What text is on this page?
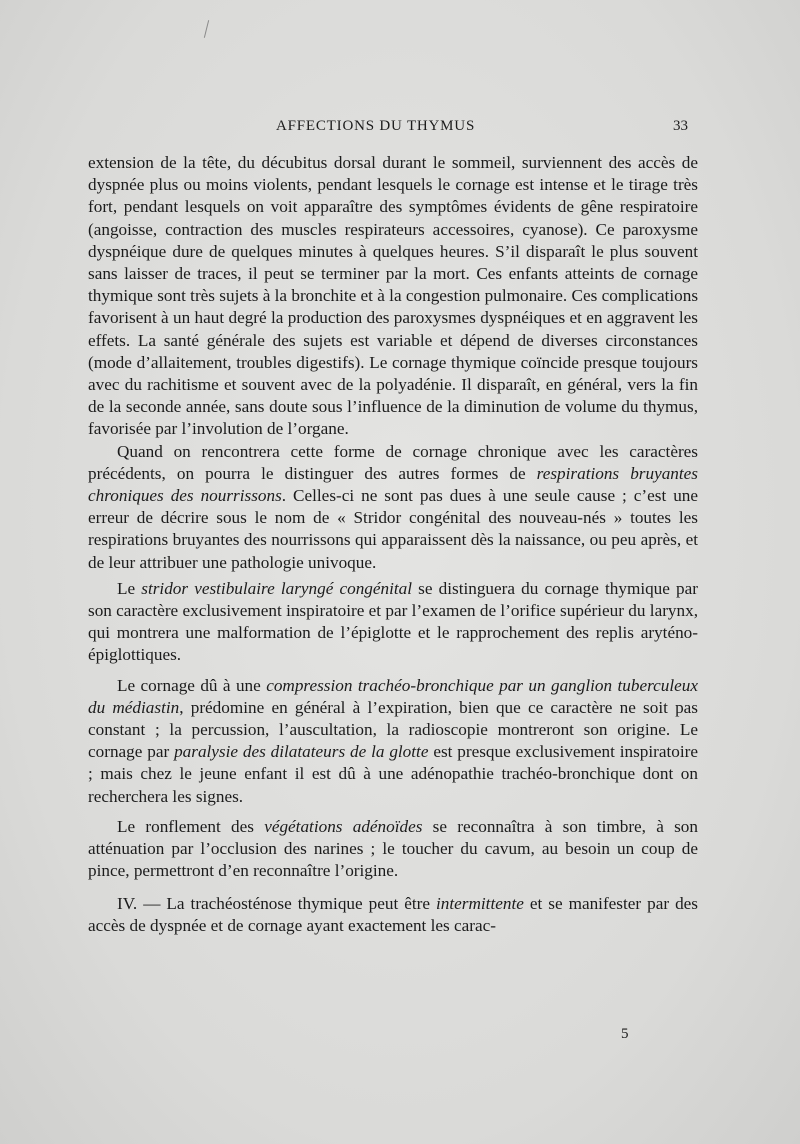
AFFECTIONS DU THYMUS	33

extension de la tête, du décubitus dorsal durant le sommeil, surviennent des accès de dyspnée plus ou moins violents, pendant lesquels le cornage est intense et le tirage très fort, pendant lesquels on voit apparaître des symptômes évidents de gêne respiratoire (angoisse, contraction des muscles respirateurs accessoires, cyanose). Ce paroxysme dyspnéique dure de quelques minutes à quelques heures. S’il disparaît le plus souvent sans laisser de traces, il peut se terminer par la mort. Ces enfants atteints de cornage thymique sont très sujets à la bronchite et à la congestion pulmonaire. Ces complications favorisent à un haut degré la production des paroxysmes dyspnéiques et en aggravent les effets. La santé générale des sujets est variable et dépend de diverses circonstances (mode d’allaitement, troubles digestifs). Le cornage thymique coïncide presque toujours avec du rachitisme et souvent avec de la polyadénie. Il disparaît, en général, vers la fin de la seconde année, sans doute sous l’influence de la diminution de volume du thymus, favorisée par l’involution de l’organe.

Quand on rencontrera cette forme de cornage chronique avec les caractères précédents, on pourra le distinguer des autres formes de respirations bruyantes chroniques des nourrissons. Celles-ci ne sont pas dues à une seule cause ; c’est une erreur de décrire sous le nom de « Stridor congénital des nouveau-nés » toutes les respirations bruyantes des nourrissons qui apparaissent dès la naissance, ou peu après, et de leur attribuer une pathologie univoque.

Le stridor vestibulaire laryngé congénital se distinguera du cornage thymique par son caractère exclusivement inspiratoire et par l’examen de l’orifice supérieur du larynx, qui montrera une malformation de l’épiglotte et le rapprochement des replis aryténo-épiglottiques.

Le cornage dû à une compression trachéo-bronchique par un ganglion tuberculeux du médiastin, prédomine en général à l’expiration, bien que ce caractère ne soit pas constant ; la percussion, l’auscultation, la radioscopie montreront son origine. Le cornage par paralysie des dilatateurs de la glotte est presque exclusivement inspiratoire ; mais chez le jeune enfant il est dû à une adénopathie trachéo-bronchique dont on recherchera les signes.

Le ronflement des végétations adénoïdes se reconnaîtra à son timbre, à son atténuation par l’occlusion des narines ; le toucher du cavum, au besoin un coup de pince, permettront d’en reconnaître l’origine.

IV. — La trachéosténose thymique peut être intermittente et se manifester par des accès de dyspnée et de cornage ayant exactement les carac-

5
